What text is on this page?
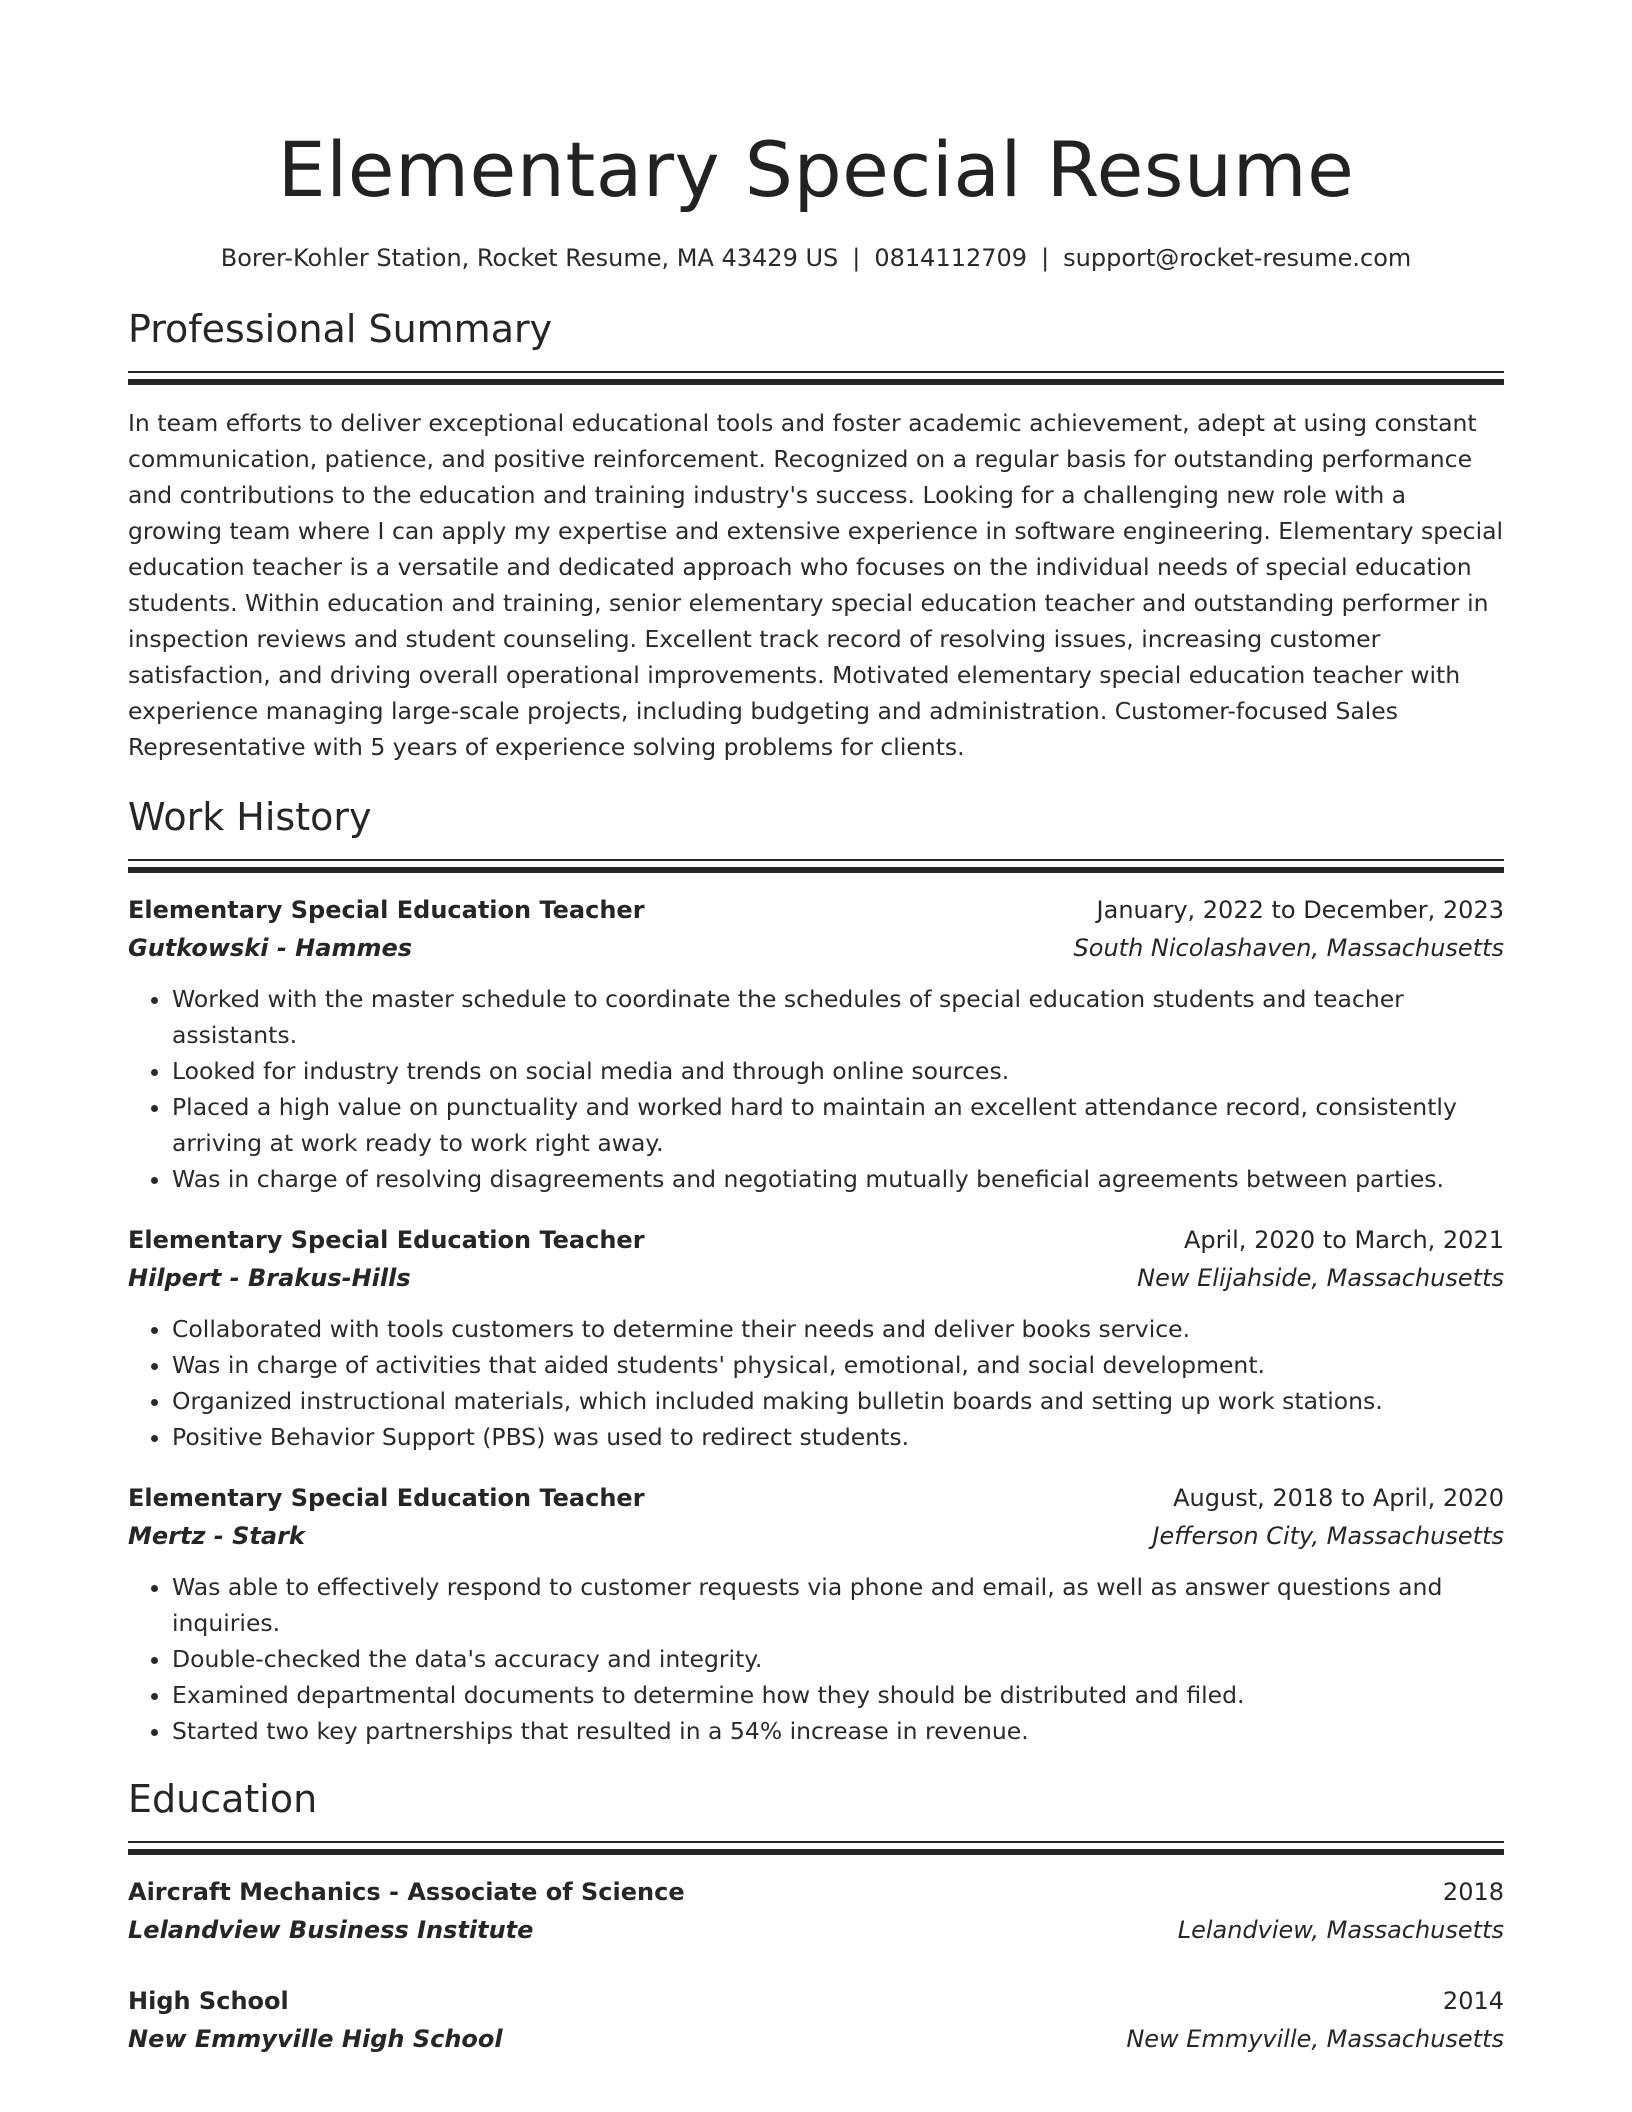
Elementary Special Resume
Borer-Kohler Station, Rocket Resume, MA 43429 US | 0814112709 | support@rocket-resume.com
Professional Summary

In team efforts to deliver exceptional educational tools and foster academic achievement, adept at using constant communication, patience, and positive reinforcement. Recognized on a regular basis for outstanding performance and contributions to the education and training industry's success. Looking for a challenging new role with a growing team where I can apply my expertise and extensive experience in software engineering. Elementary special education teacher is a versatile and dedicated approach who focuses on the individual needs of special education students. Within education and training, senior elementary special education teacher and outstanding performer in inspection reviews and student counseling. Excellent track record of resolving issues, increasing customer satisfaction, and driving overall operational improvements. Motivated elementary special education teacher with experience managing large-scale projects, including budgeting and administration. Customer-focused Sales Representative with 5 years of experience solving problems for clients.

Work History
Elementary Special Education Teacher	January, 2022 to December, 2023
Gutkowski - Hammes	South Nicolashaven, Massachusetts
• Worked with the master schedule to coordinate the schedules of special education students and teacher assistants.
• Looked for industry trends on social media and through online sources.
• Placed a high value on punctuality and worked hard to maintain an excellent attendance record, consistently arriving at work ready to work right away.
• Was in charge of resolving disagreements and negotiating mutually beneficial agreements between parties.
Elementary Special Education Teacher	April, 2020 to March, 2021
Hilpert - Brakus-Hills	New Elijahside, Massachusetts
• Collaborated with tools customers to determine their needs and deliver books service.
• Was in charge of activities that aided students' physical, emotional, and social development.
• Organized instructional materials, which included making bulletin boards and setting up work stations.
• Positive Behavior Support (PBS) was used to redirect students.
Elementary Special Education Teacher	August, 2018 to April, 2020
Mertz - Stark	Jefferson City, Massachusetts
• Was able to effectively respond to customer requests via phone and email, as well as answer questions and inquiries.
• Double-checked the data's accuracy and integrity.
• Examined departmental documents to determine how they should be distributed and filed.
• Started two key partnerships that resulted in a 54% increase in revenue.
Education
Aircraft Mechanics - Associate of Science	2018
Lelandview Business Institute	Lelandview, Massachusetts
High School	2014
New Emmyville High School	New Emmyville, Massachusetts
